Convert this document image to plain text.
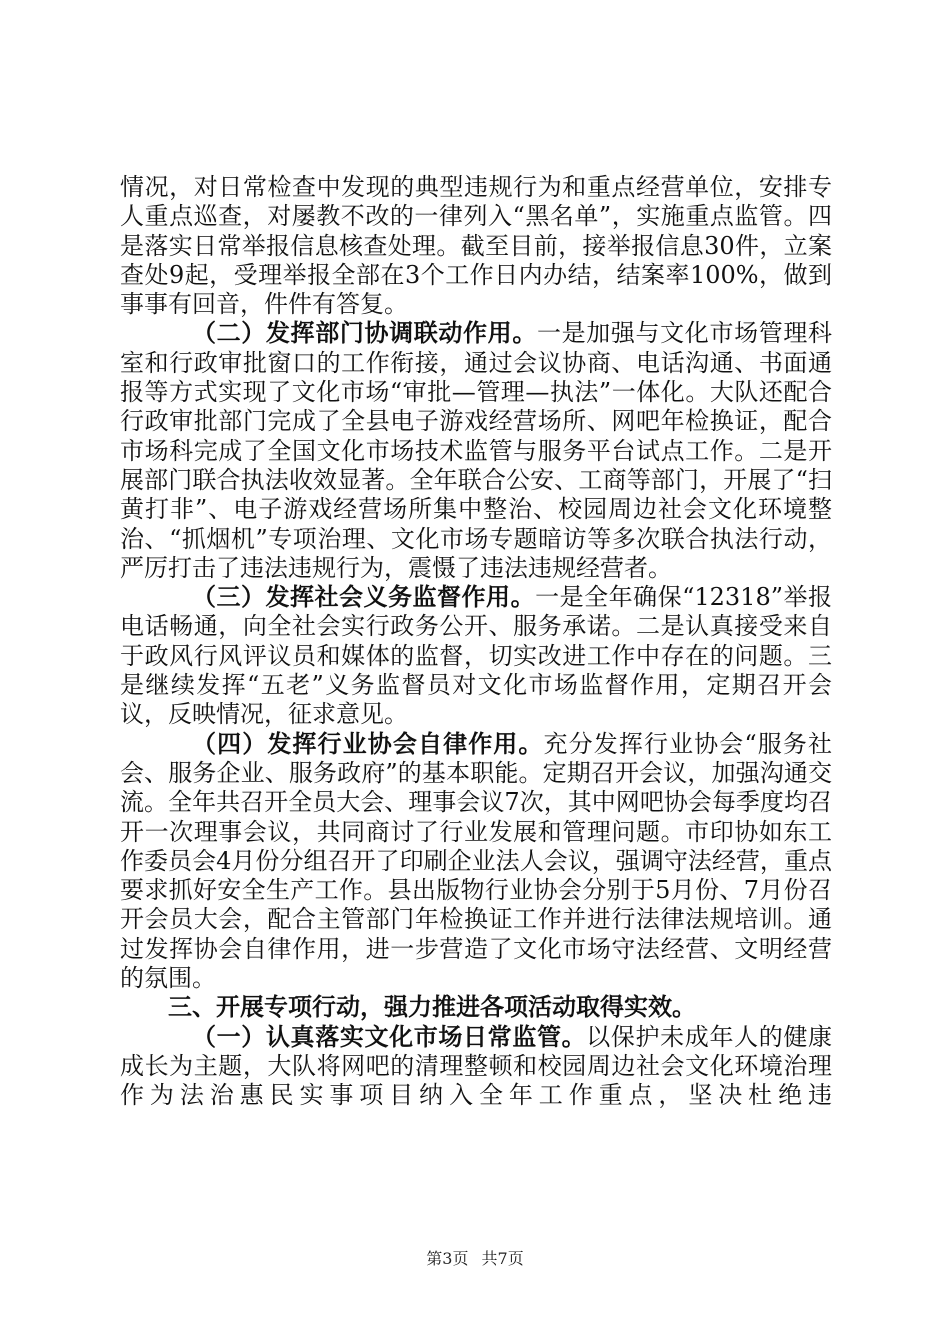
情况，对日常检查中发现的典型违规行为和重点经营单位，安排专人重点巡查，对屡教不改的一律列入“黑名单”，实施重点监管。四是落实日常举报信息核查处理。截至目前，接举报信息30件，立案查处9起，受理举报全部在3个工作日内办结，结案率100%，做到事事有回音，件件有答复。

（二）发挥部门协调联动作用。一是加强与文化市场管理科室和行政审批窗口的工作衔接，通过会议协商、电话沟通、书面通报等方式实现了文化市场“审批—管理—执法”一体化。大队还配合行政审批部门完成了全县电子游戏经营场所、网吧年检换证，配合市场科完成了全国文化市场技术监管与服务平台试点工作。二是开展部门联合执法收效显著。全年联合公安、工商等部门，开展了“扫黄打非”、电子游戏经营场所集中整治、校园周边社会文化环境整治、“抓烟机”专项治理、文化市场专题暗访等多次联合执法行动，严厉打击了违法违规行为，震慑了违法违规经营者。

（三）发挥社会义务监督作用。一是全年确保“12318”举报电话畅通，向全社会实行政务公开、服务承诺。二是认真接受来自于政风行风评议员和媒体的监督，切实改进工作中存在的问题。三是继续发挥“五老”义务监督员对文化市场监督作用，定期召开会议，反映情况，征求意见。

（四）发挥行业协会自律作用。充分发挥行业协会“服务社会、服务企业、服务政府”的基本职能。定期召开会议，加强沟通交流。全年共召开全员大会、理事会议7次，其中网吧协会每季度均召开一次理事会议，共同商讨了行业发展和管理问题。市印协如东工作委员会4月份分组召开了印刷企业法人会议，强调守法经营，重点要求抓好安全生产工作。县出版物行业协会分别于5月份、7月份召开会员大会，配合主管部门年检换证工作并进行法律法规培训。通过发挥协会自律作用，进一步营造了文化市场守法经营、文明经营的氛围。

三、开展专项行动，强力推进各项活动取得实效。

（一）认真落实文化市场日常监管。以保护未成年人的健康成长为主题，大队将网吧的清理整顿和校园周边社会文化环境治理作为法治惠民实事项目纳入全年工作重点，坚决杜绝违

第3页 共7页
